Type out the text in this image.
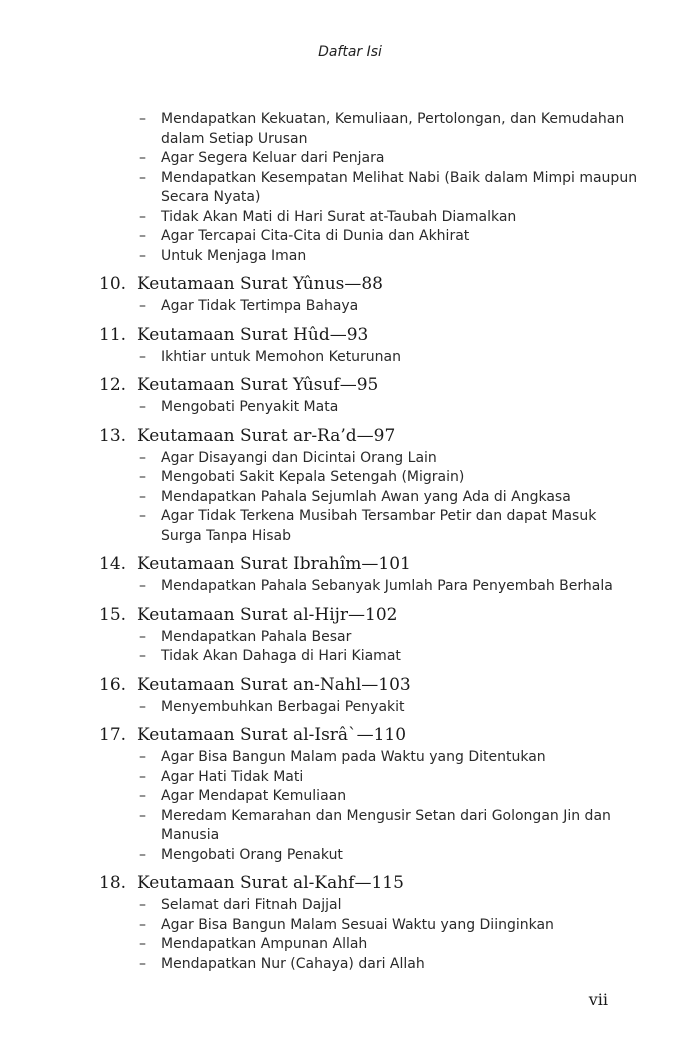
Daftar Isi
– Mendapatkan Kekuatan, Kemuliaan, Pertolongan, dan Kemudahan dalam Setiap Urusan
– Agar Segera Keluar dari Penjara
– Mendapatkan Kesempatan Melihat Nabi (Baik dalam Mimpi maupun Secara Nyata)
– Tidak Akan Mati di Hari Surat at-Taubah Diamalkan
– Agar Tercapai Cita-Cita di Dunia dan Akhirat
– Untuk Menjaga Iman
10. Keutamaan Surat Yûnus—88
– Agar Tidak Tertimpa Bahaya
11. Keutamaan Surat Hûd—93
– Ikhtiar untuk Memohon Keturunan
12. Keutamaan Surat Yûsuf—95
– Mengobati Penyakit Mata
13. Keutamaan Surat ar-Ra’d—97
– Agar Disayangi dan Dicintai Orang Lain
– Mengobati Sakit Kepala Setengah (Migrain)
– Mendapatkan Pahala Sejumlah Awan yang Ada di Angkasa
– Agar Tidak Terkena Musibah Tersambar Petir dan dapat Masuk Surga Tanpa Hisab
14. Keutamaan Surat Ibrahîm—101
– Mendapatkan Pahala Sebanyak Jumlah Para Penyembah Berhala
15. Keutamaan Surat al-Hijr—102
– Mendapatkan Pahala Besar
– Tidak Akan Dahaga di Hari Kiamat
16. Keutamaan Surat an-Nahl—103
– Menyembuhkan Berbagai Penyakit
17. Keutamaan Surat al-Isrâ`—110
– Agar Bisa Bangun Malam pada Waktu yang Ditentukan
– Agar Hati Tidak Mati
– Agar Mendapat Kemuliaan
– Meredam Kemarahan dan Mengusir Setan dari Golongan Jin dan Manusia
– Mengobati Orang Penakut
18. Keutamaan Surat al-Kahf—115
– Selamat dari Fitnah Dajjal
– Agar Bisa Bangun Malam Sesuai Waktu yang Diinginkan
– Mendapatkan Ampunan Allah
– Mendapatkan Nur (Cahaya) dari Allah
vii
